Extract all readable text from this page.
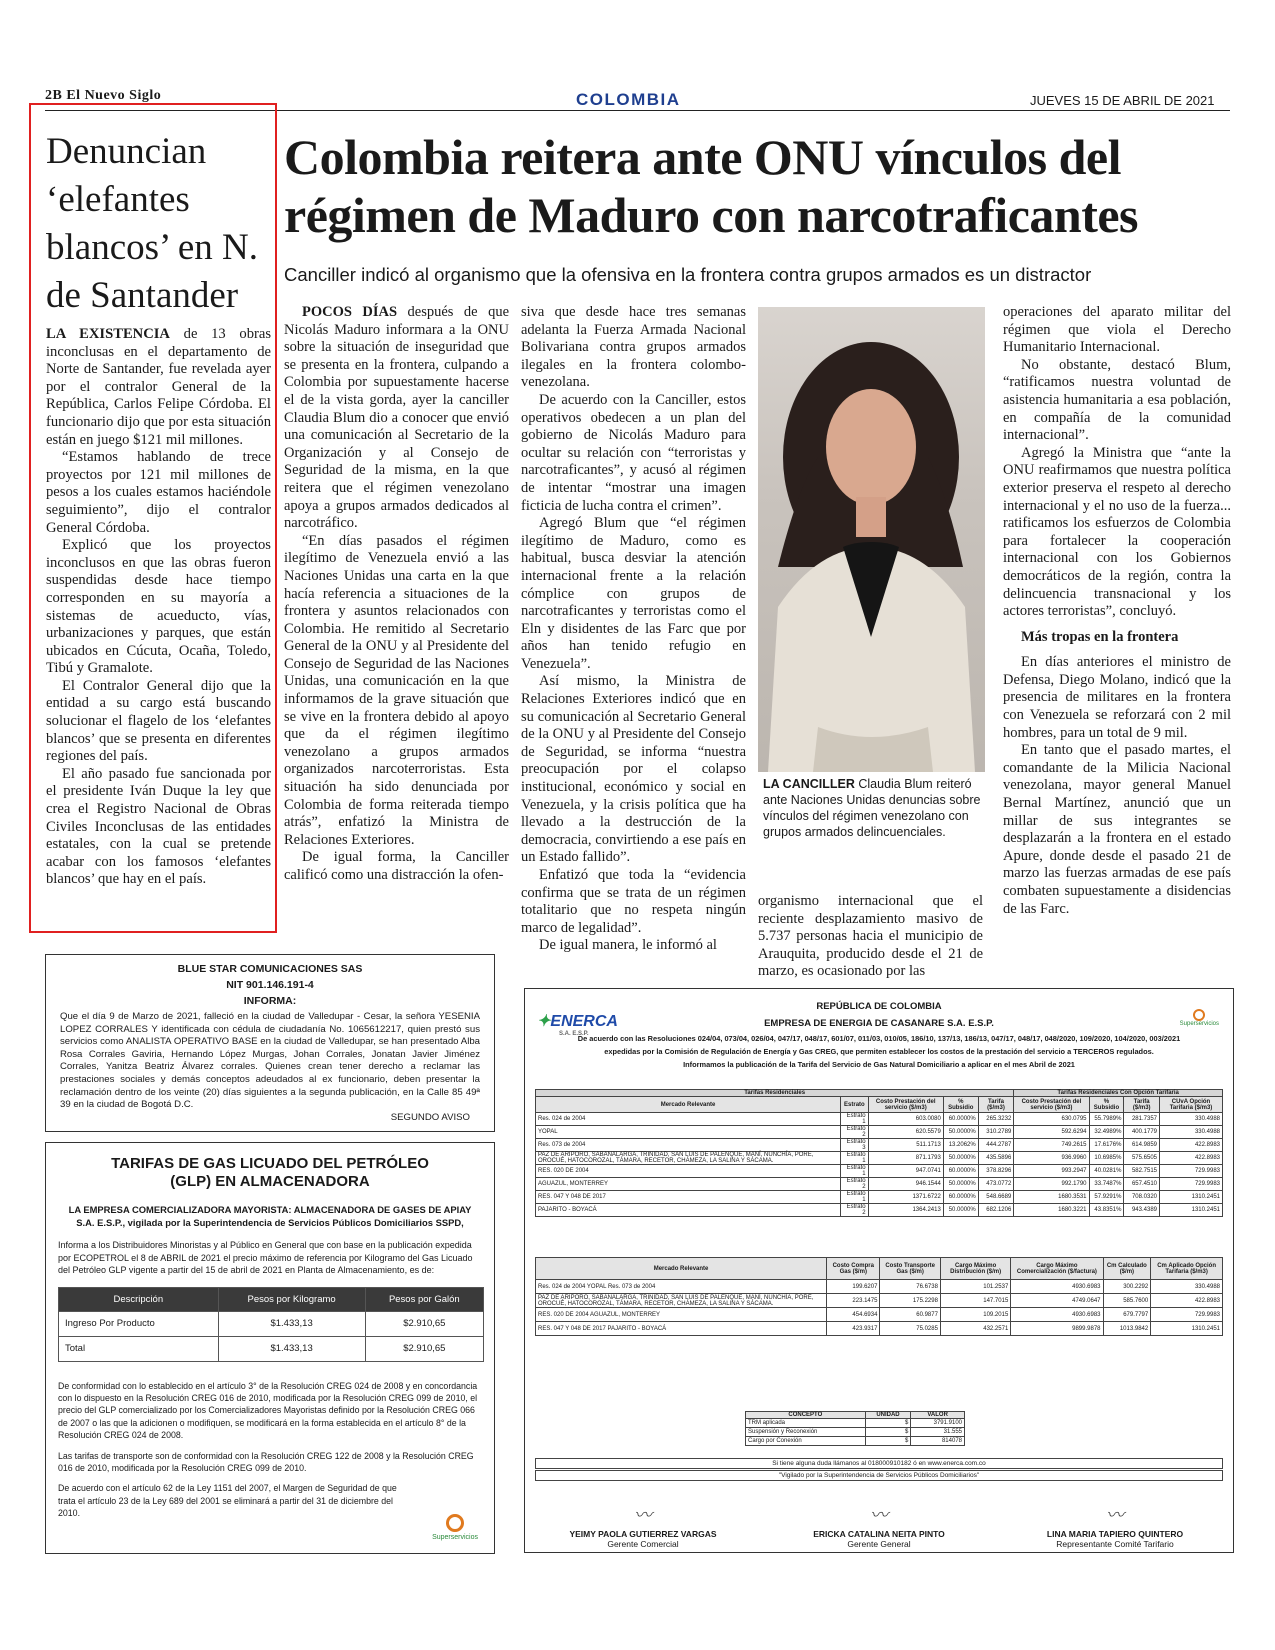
2B El Nuevo Siglo	COLOMBIA	JUEVES 15 DE ABRIL DE 2021
Denuncian ‘elefantes blancos’ en N. de Santander

LA EXISTENCIA de 13 obras inconclusas en el departamento de Norte de Santander, fue revelada ayer por el contralor General de la República, Carlos Felipe Córdoba. El funcionario dijo que por esta situación están en juego $121 mil millones.

“Estamos hablando de trece proyectos por 121 mil millones de pesos a los cuales estamos haciéndole seguimiento”, dijo el contralor General Córdoba.

Explicó que los proyectos inconclusos en que las obras fueron suspendidas desde hace tiempo corresponden en su mayoría a sistemas de acueducto, vías, urbanizaciones y parques, que están ubicados en Cúcuta, Ocaña, Toledo, Tibú y Gramalote.

El Contralor General dijo que la entidad a su cargo está buscando solucionar el flagelo de los ‘elefantes blancos’ que se presenta en diferentes regiones del país.

El año pasado fue sancionada por el presidente Iván Duque la ley que crea el Registro Nacional de Obras Civiles Inconclusas de las entidades estatales, con la cual se pretende acabar con los famosos ‘elefantes blancos’ que hay en el país.

Colombia reitera ante ONU vínculos del régimen de Maduro con narcotraficantes
Canciller indicó al organismo que la ofensiva en la frontera contra grupos armados es un distractor

POCOS DÍAS después de que Nicolás Maduro informara a la ONU sobre la situación de inseguridad que se presenta en la frontera, culpando a Colombia por supuestamente hacerse el de la vista gorda, ayer la canciller Claudia Blum dio a conocer que envió una comunicación al Secretario de la Organización y al Consejo de Seguridad de la misma, en la que reitera que el régimen venezolano apoya a grupos armados dedicados al narcotráfico.

“En días pasados el régimen ilegítimo de Venezuela envió a las Naciones Unidas una carta en la que hacía referencia a situaciones de la frontera y asuntos relacionados con Colombia. He remitido al Secretario General de la ONU y al Presidente del Consejo de Seguridad de las Naciones Unidas, una comunicación en la que informamos de la grave situación que se vive en la frontera debido al apoyo que da el régimen ilegítimo venezolano a grupos armados organizados narcoterroristas. Esta situación ha sido denunciada por Colombia de forma reiterada tiempo atrás”, enfatizó la Ministra de Relaciones Exteriores.

De igual forma, la Canciller calificó como una distracción la ofen-

siva que desde hace tres semanas adelanta la Fuerza Armada Nacional Bolivariana contra grupos armados ilegales en la frontera colombo-venezolana.

De acuerdo con la Canciller, estos operativos obedecen a un plan del gobierno de Nicolás Maduro para ocultar su relación con “terroristas y narcotraficantes”, y acusó al régimen de intentar “mostrar una imagen ficticia de lucha contra el crimen”.

Agregó Blum que “el régimen ilegítimo de Maduro, como es habitual, busca desviar la atención internacional frente a la relación cómplice con grupos de narcotraficantes y terroristas como el Eln y disidentes de las Farc que por años han tenido refugio en Venezuela”.

Así mismo, la Ministra de Relaciones Exteriores indicó que en su comunicación al Secretario General de la ONU y al Presidente del Consejo de Seguridad, se informa “nuestra preocupación por el colapso institucional, económico y social en Venezuela, y la crisis política que ha llevado a la destrucción de la democracia, convirtiendo a ese país en un Estado fallido”.

Enfatizó que toda la “evidencia confirma que se trata de un régimen totalitario que no respeta ningún marco de legalidad”.

De igual manera, le informó al

LA CANCILLER Claudia Blum reiteró ante Naciones Unidas denuncias sobre vínculos del régimen venezolano con grupos armados delincuenciales.

organismo internacional que el reciente desplazamiento masivo de 5.737 personas hacia el municipio de Arauquita, producido desde el 21 de marzo, es ocasionado por las

operaciones del aparato militar del régimen que viola el Derecho Humanitario Internacional.

No obstante, destacó Blum, “ratificamos nuestra voluntad de asistencia humanitaria a esa población, en compañía de la comunidad internacional”.

Agregó la Ministra que “ante la ONU reafirmamos que nuestra política exterior preserva el respeto al derecho internacional y el no uso de la fuerza... ratificamos los esfuerzos de Colombia para fortalecer la cooperación internacional con los Gobiernos democráticos de la región, contra la delincuencia transnacional y los actores terroristas”, concluyó.

Más tropas en la frontera

En días anteriores el ministro de Defensa, Diego Molano, indicó que la presencia de militares en la frontera con Venezuela se reforzará con 2 mil hombres, para un total de 9 mil.

En tanto que el pasado martes, el comandante de la Milicia Nacional venezolana, mayor general Manuel Bernal Martínez, anunció que un millar de sus integrantes se desplazarán a la frontera en el estado Apure, donde desde el pasado 21 de marzo las fuerzas armadas de ese país combaten supuestamente a disidencias de las Farc.

BLUE STAR COMUNICACIONES SAS
NIT 901.146.191-4
INFORMA:
Que el día 9 de Marzo de 2021, falleció en la ciudad de Valledupar - Cesar, la señora YESENIA LOPEZ CORRALES Y identificada con cédula de ciudadanía No. 1065612217, quien prestó sus servicios como ANALISTA OPERATIVO BASE en la ciudad de Valledupar, se han presentado Alba Rosa Corrales Gaviria, Hernando López Murgas, Johan Corrales, Jonatan Javier Jiménez Corrales, Yanitza Beatriz Álvarez corrales. Quienes crean tener derecho a reclamar las prestaciones sociales y demás conceptos adeudados al ex funcionario, deben presentar la reclamación dentro de los veinte (20) días siguientes a la segunda publicación, en la Calle 85 49ª 39 en la ciudad de Bogotá D.C.
SEGUNDO AVISO
TARIFAS DE GAS LICUADO DEL PETRÓLEO (GLP) EN ALMACENADORA
LA EMPRESA COMERCIALIZADORA MAYORISTA: ALMACENADORA DE GASES DE APIAY S.A. E.S.P., vigilada por la Superintendencia de Servicios Públicos Domiciliarios SSPD,
Informa a los Distribuidores Minoristas y al Público en General que con base en la publicación expedida por ECOPETROL el 8 de ABRIL de 2021 el precio máximo de referencia por Kilogramo del Gas Licuado del Petróleo GLP vigente a partir del 15 de abril de 2021 en Planta de Almacenamiento, es de:
Descripción	Pesos por Kilogramo	Pesos por Galón
Ingreso Por Producto	$1.433,13	$2.910,65
Total	$1.433,13	$2.910,65
De conformidad con lo establecido en el artículo 3° de la Resolución CREG 024 de 2008 y en concordancia con lo dispuesto en la Resolución CREG 016 de 2010, modificada por la Resolución CREG 099 de 2010, el precio del GLP comercializado por los Comercializadores Mayoristas definido por la Resolución CREG 066 de 2007 o las que la adicionen o modifiquen, se modificará en la forma establecida en el artículo 8° de la Resolución CREG 024 de 2008.
Las tarifas de transporte son de conformidad con la Resolución CREG 122 de 2008 y la Resolución CREG 016 de 2010, modificada por la Resolución CREG 099 de 2010.
De acuerdo con el artículo 62 de la Ley 1151 del 2007, el Margen de Seguridad de que trata el artículo 23 de la Ley 689 del 2001 se eliminará a partir del 31 de diciembre del 2010.
Superservicios
✦ENERCA
S.A. E.S.P.
Superservicios
REPÚBLICA DE COLOMBIA
EMPRESA DE ENERGIA DE CASANARE S.A. E.S.P.
De acuerdo con las Resoluciones 024/04, 073/04, 026/04, 047/17, 048/17, 601/07, 011/03, 010/05, 186/10, 137/13, 186/13, 047/17, 048/17, 048/2020, 109/2020, 104/2020, 003/2021
expedidas por la Comisión de Regulación de Energía y Gas CREG, que permiten establecer los costos de la prestación del servicio a TERCEROS regulados.
Informamos la publicación de la Tarifa del Servicio de Gas Natural Domiciliario a aplicar en el mes Abril de 2021
Tarifas Residenciales					Tarifas Residenciales Con Opción Tarifaria			
Mercado Relevante	Estrato	Costo Prestación del servicio ($/m3)	% Subsidio	Tarifa ($/m3)	Costo Prestación del servicio ($/m3)	% Subsidio	Tarifa ($/m3)	CUvA Opción Tarifaria ($/m3)
Res. 024 de 2004	Estrato 1	603.0080	60.0000%	265.3232	630.0795	55.7989%	281.7357	330.4988
YOPAL	Estrato 2	620.5579	50.0000%	310.2789	592.6294	32.4989%	400.1779	330.4988
Res. 073 de 2004	Estrato 3	511.1713	13.2062%	444.2787	749.2615	17.6176%	614.9859	422.8983
PAZ DE ARIPORO, SABANALARGA, TRINIDAD, SAN LUIS DE PALENQUE, MANÍ, NUNCHÍA, PORE, OROCUÉ, HATOCOROZAL, TÁMARA, RECETOR, CHÁMEZA, LA SALINA Y SÁCAMA.	Estrato 1	871.1793	50.0000%	435.5896	936.9960	10.6985%	575.6505	422.8983
RES. 020 DE 2004	Estrato 1	947.0741	60.0000%	378.8296	993.2947	40.0281%	582.7515	729.9983
AGUAZUL, MONTERREY	Estrato 2	946.1544	50.0000%	473.0772	992.1790	33.7487%	657.4510	729.9983
RES. 047 Y 048 DE 2017	Estrato 1	1371.6722	60.0000%	548.6689	1680.3531	57.9291%	708.0320	1310.2451
PAJARITO - BOYACÁ	Estrato 2	1364.2413	50.0000%	682.1206	1680.3221	43.8351%	943.4389	1310.2451
Mercado Relevante	Costo Compra Gas ($/m)	Costo Transporte Gas ($/m)	Cargo Máximo Distribución ($/m)	Cargo Máximo Comercialización ($/factura)	Cm Calculado ($/m)	Cm Aplicado Opción Tarifaria ($/m3)
Res. 024 de 2004 YOPAL Res. 073 de 2004	199.6207	76.6738	101.2537	4930.6983	300.2292	330.4988
PAZ DE ARIPORO, SABANALARGA, TRINIDAD, SAN LUIS DE PALENQUE, MANÍ, NUNCHÍA, PORE, OROCUÉ, HATOCOROZAL, TÁMARA, RECETOR, CHÁMEZA, LA SALINA Y SÁCAMA.	223.1475	175.2298	147.7015	4749.0647	585.7600	422.8983
RES. 020 DE 2004 AGUAZUL, MONTERREY	454.6934	60.9877	109.2015	4930.6983	679.7797	729.9983
RES. 047 Y 048 DE 2017 PAJARITO - BOYACÁ	423.9317	75.0285	432.2571	9899.9878	1013.9842	1310.2451
CONCEPTO	UNIDAD	VALOR
TRM aplicada	$	3791.9100
Suspensión y Reconexión	$	31.555
Cargo por Conexión	$	814078
Si tiene alguna duda llámanos al 018000910182 ó en www.enerca.com.co
"Vigilado por la Superintendencia de Servicios Públicos Domiciliarios"
〰
YEIMY PAOLA GUTIERREZ VARGAS
Gerente Comercial
〰
ERICKA CATALINA NEITA PINTO
Gerente General
〰
LINA MARIA TAPIERO QUINTERO
Representante Comité Tarifario
